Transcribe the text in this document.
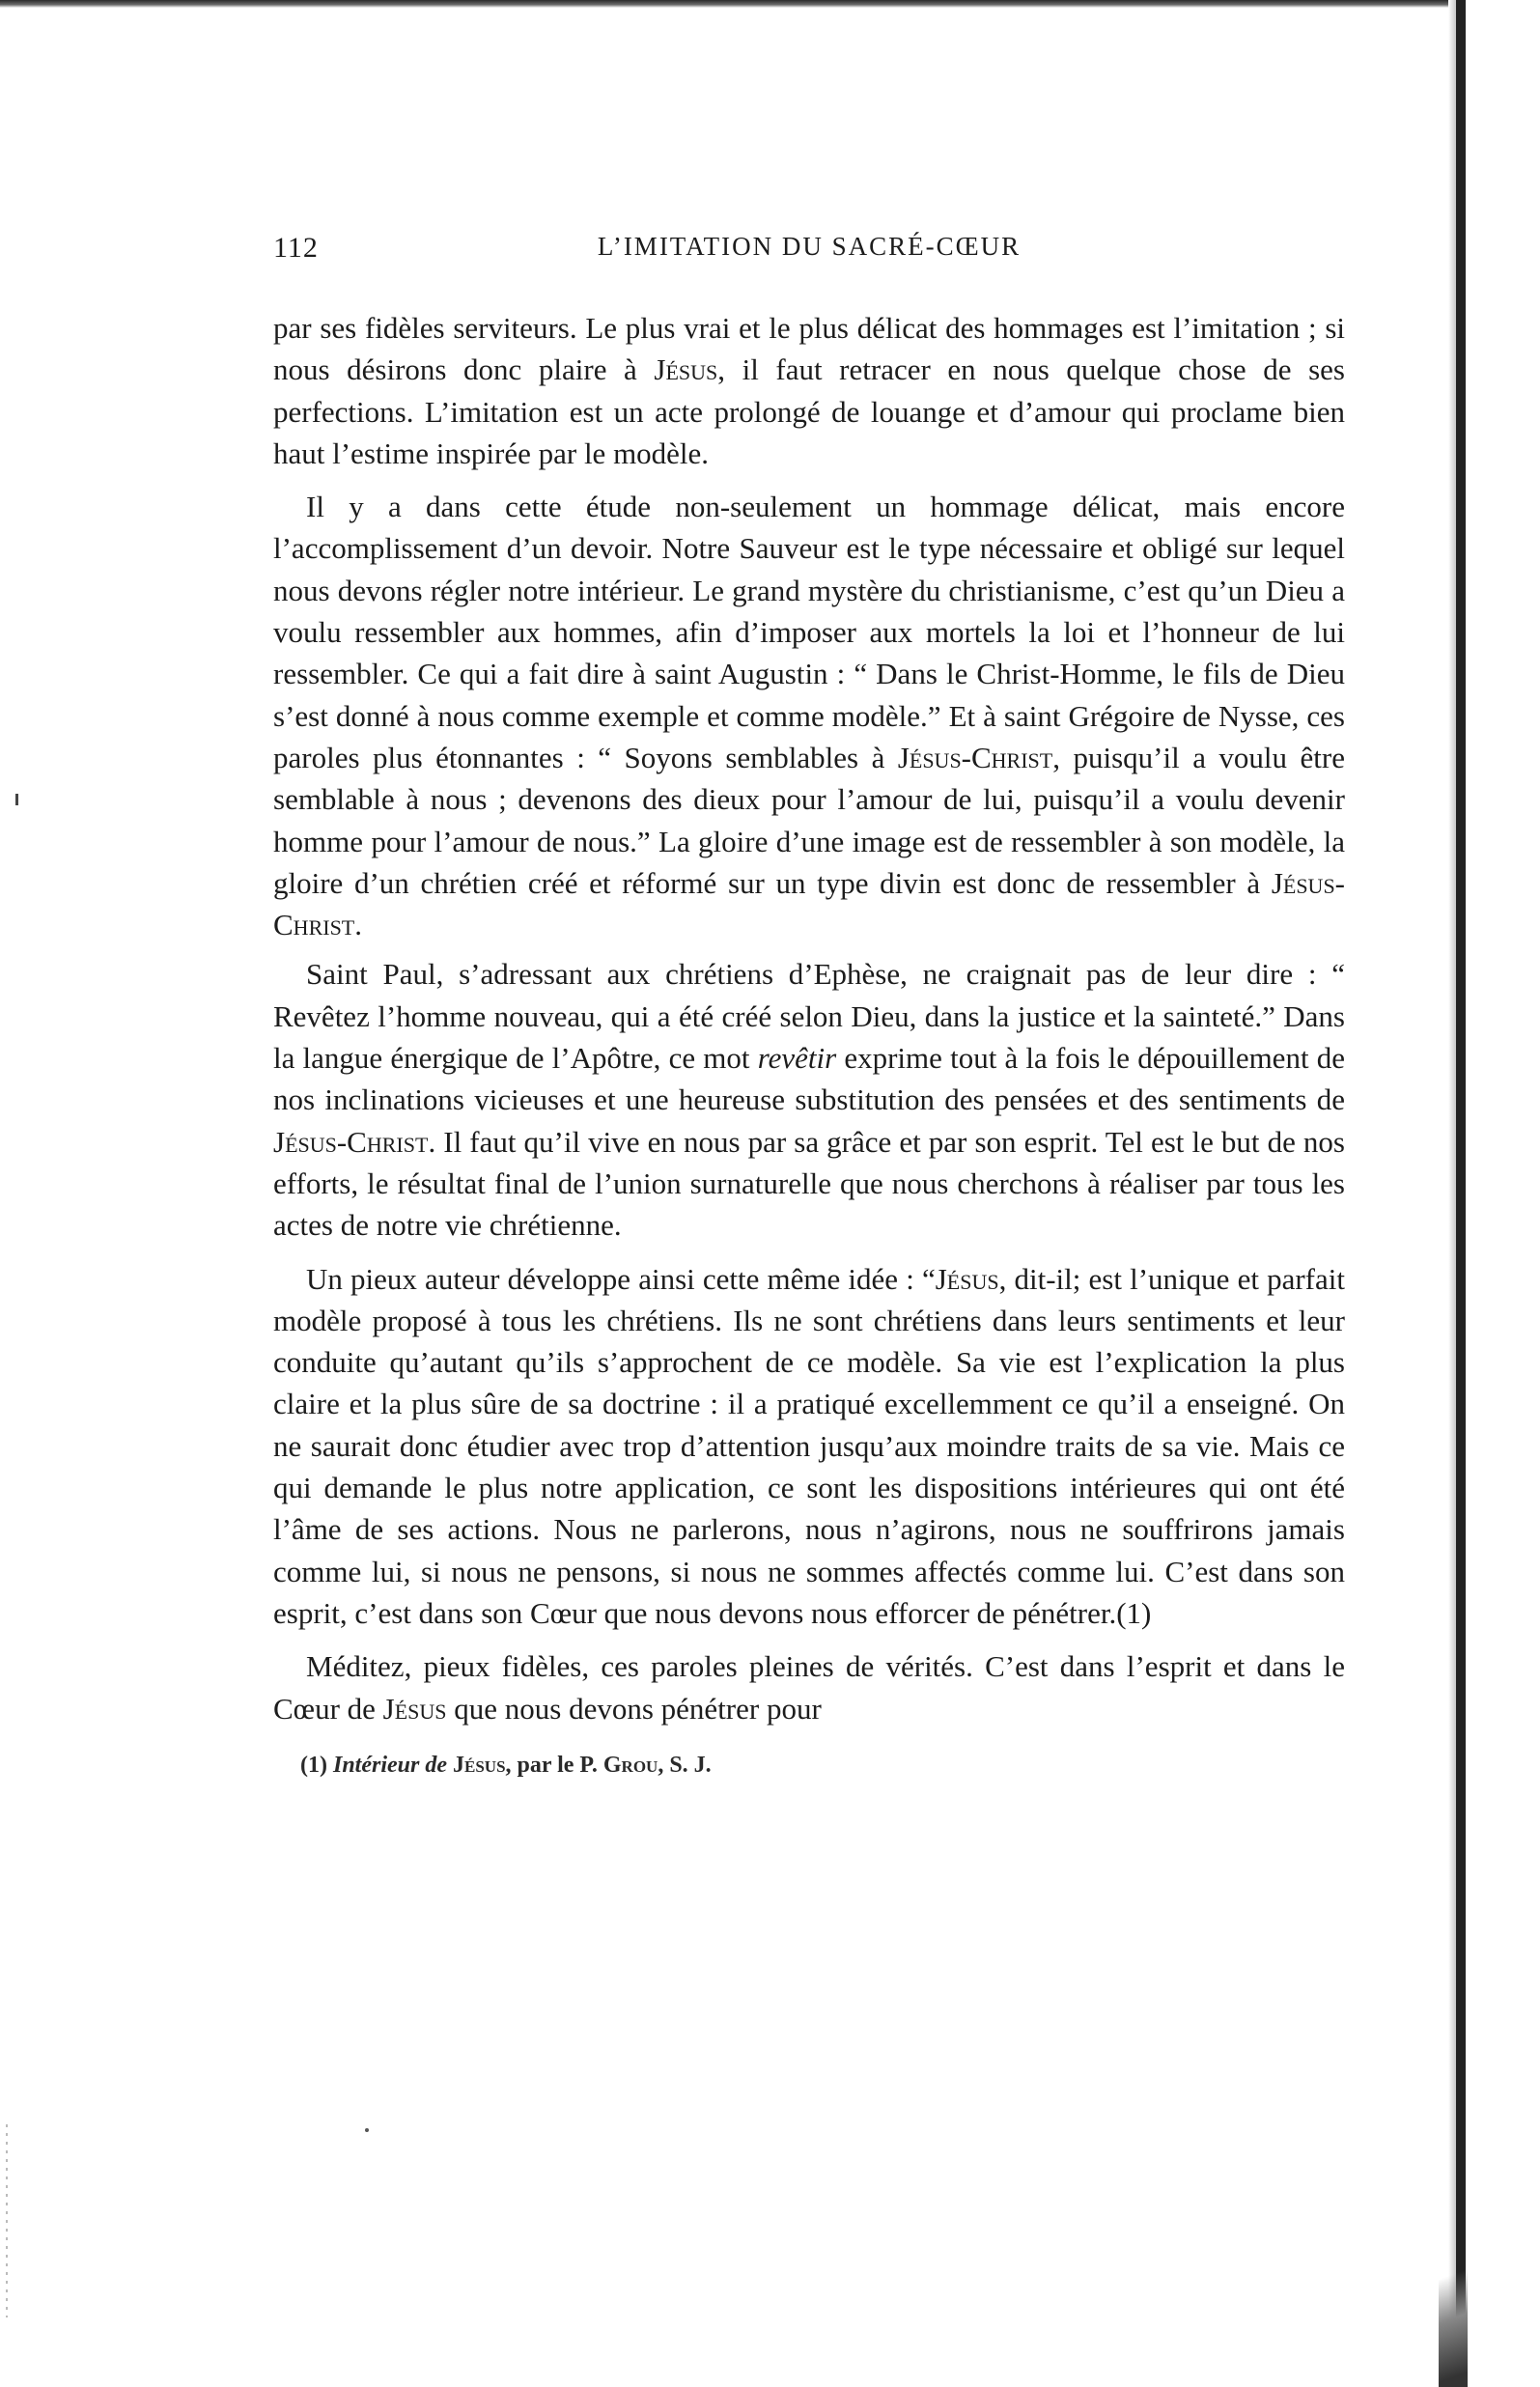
112	L’IMITATION DU SACRÉ-CŒUR

par ses fidèles serviteurs. Le plus vrai et le plus délicat des hommages est l’imitation ; si nous désirons donc plaire à Jésus, il faut retracer en nous quelque chose de ses perfections. L’imitation est un acte prolongé de louange et d’amour qui proclame bien haut l’estime inspirée par le modèle.

Il y a dans cette étude non-seulement un hommage délicat, mais encore l’accomplissement d’un devoir. Notre Sauveur est le type nécessaire et obligé sur lequel nous devons régler notre intérieur. Le grand mystère du christianisme, c’est qu’un Dieu a voulu ressembler aux hommes, afin d’imposer aux mortels la loi et l’honneur de lui ressembler. Ce qui a fait dire à saint Augustin : “ Dans le Christ-Homme, le fils de Dieu s’est donné à nous comme exemple et comme modèle.” Et à saint Grégoire de Nysse, ces paroles plus étonnantes : “ Soyons semblables à Jésus-Christ, puisqu’il a voulu être semblable à nous ; devenons des dieux pour l’amour de lui, puisqu’il a voulu devenir homme pour l’amour de nous.” La gloire d’une image est de ressembler à son modèle, la gloire d’un chrétien créé et réformé sur un type divin est donc de ressembler à Jésus-Christ.

Saint Paul, s’adressant aux chrétiens d’Ephèse, ne craignait pas de leur dire : “ Revêtez l’homme nouveau, qui a été créé selon Dieu, dans la justice et la sainteté.” Dans la langue énergique de l’Apôtre, ce mot revêtir exprime tout à la fois le dépouillement de nos inclinations vicieuses et une heureuse substitution des pensées et des sentiments de Jésus-Christ. Il faut qu’il vive en nous par sa grâce et par son esprit. Tel est le but de nos efforts, le résultat final de l’union surnaturelle que nous cherchons à réaliser par tous les actes de notre vie chrétienne.

Un pieux auteur développe ainsi cette même idée : “Jésus, dit-il; est l’unique et parfait modèle proposé à tous les chrétiens. Ils ne sont chrétiens dans leurs sentiments et leur conduite qu’autant qu’ils s’approchent de ce modèle. Sa vie est l’explication la plus claire et la plus sûre de sa doctrine : il a pratiqué excellemment ce qu’il a enseigné. On ne saurait donc étudier avec trop d’attention jusqu’aux moindre traits de sa vie. Mais ce qui demande le plus notre application, ce sont les dispositions intérieures qui ont été l’âme de ses actions. Nous ne parlerons, nous n’agirons, nous ne souffrirons jamais comme lui, si nous ne pensons, si nous ne sommes affectés comme lui. C’est dans son esprit, c’est dans son Cœur que nous devons nous efforcer de pénétrer.(1)

Méditez, pieux fidèles, ces paroles pleines de vérités. C’est dans l’esprit et dans le Cœur de Jésus que nous devons pénétrer pour

(1) Intérieur de Jésus, par le P. Grou, S. J.
